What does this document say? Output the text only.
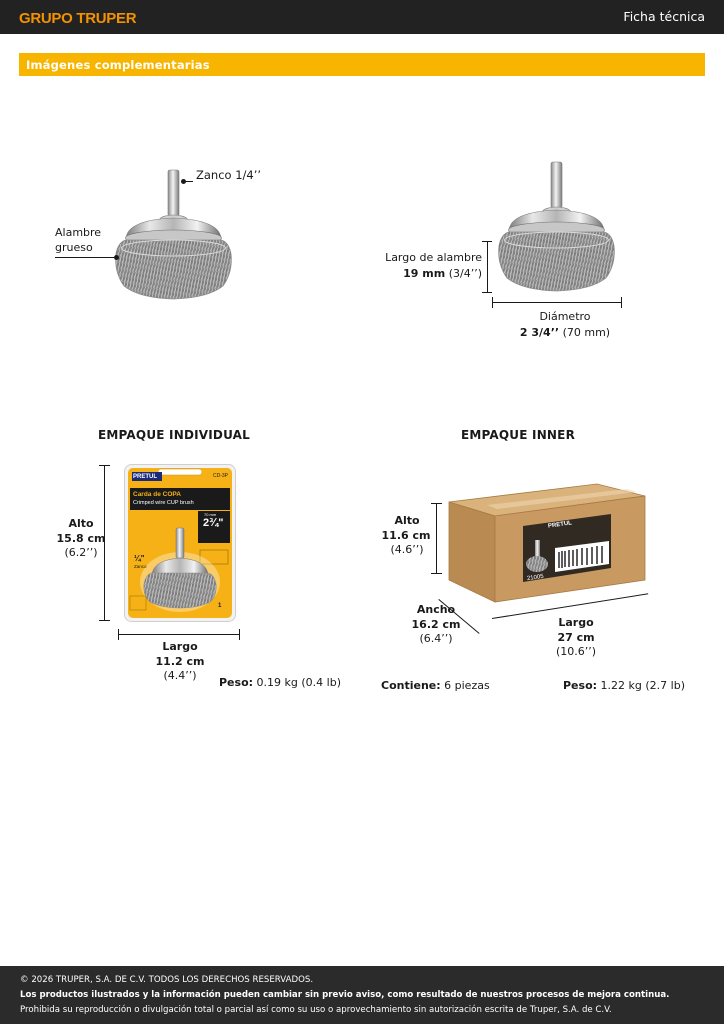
GRUPO TRUPER	Ficha técnica
Imágenes complementarias
Zanco 1/4’’
Alambre
grueso
Largo de alambre
19 mm (3/4’’)
Diámetro
2 3/4’’ (70 mm)
EMPAQUE INDIVIDUAL
PRETUL	CD-3P
Carda de COPA
Crimped wire CUP brush
70 mm
2¾"
¼"
Zanco
1
Alto
15.8 cm
(6.2’’)
Largo
11.2 cm
(4.4’’)
Peso: 0.19 kg (0.4 lb)
EMPAQUE INNER
PRETUL
21005
Alto
11.6 cm
(4.6’’)
Ancho
16.2 cm
(6.4’’)
Largo
27 cm
(10.6’’)
Contiene: 6 piezas	Peso: 1.22 kg (2.7 lb)
© 2026 TRUPER, S.A. DE C.V. TODOS LOS DERECHOS RESERVADOS.
Los productos ilustrados y la información pueden cambiar sin previo aviso, como resultado de nuestros procesos de mejora continua.
Prohibida su reproducción o divulgación total o parcial así como su uso o aprovechamiento sin autorización escrita de Truper, S.A. de C.V.
